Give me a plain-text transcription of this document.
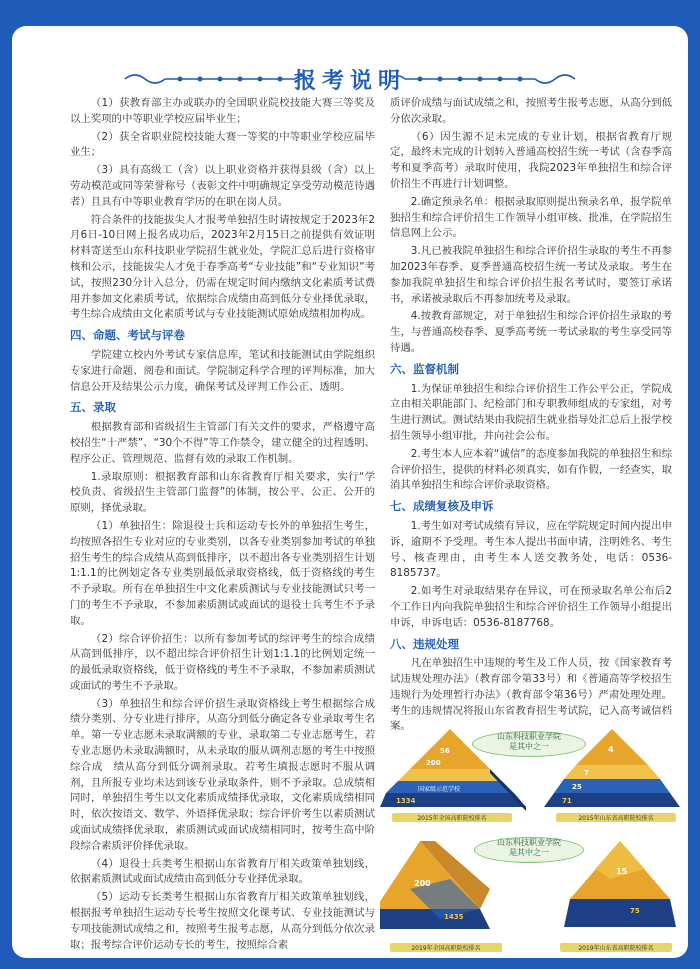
报考说明

（1）获教育部主办或联办的全国职业院校技能大赛三等奖及以上奖项的中等职业学校应届毕业生；

（2）获全省职业院校技能大赛一等奖的中等职业学校应届毕业生；

（3）具有高级工（含）以上职业资格并获得县级（含）以上劳动模范或同等荣誉称号（表彰文件中明确规定享受劳动模范待遇者）且具有中等职业教育学历的在职在岗人员。

符合条件的技能拔尖人才报考单独招生时请按规定于2023年2月6日-10日网上报名成功后，2023年2月15日之前提供有效证明材料寄送至山东科技职业学院招生就业处，学院汇总后进行资格审核和公示，技能拔尖人才免于春季高考“专业技能”和“专业知识”考试，按照230分计入总分，仍需在规定时间内缴纳文化素质考试费用并参加文化素质考试，依据综合成绩由高到低分专业择优录取，考生综合成绩由文化素质考试与专业技能测试原始成绩相加构成。

四、命题、考试与评卷

学院建立校内外考试专家信息库，笔试和技能测试由学院组织专家进行命题、阅卷和面试。学院制定科学合理的评判标准，加大信息公开及结果公示力度，确保考试及评判工作公正、透明。

五、录取

根据教育部和省级招生主管部门有关文件的要求，严格遵守高校招生“十严禁”、“30个不得”等工作禁令，建立健全的过程透明、程序公正、管理规范、监督有效的录取工作机制。

1.录取原则：根据教育部和山东省教育厅相关要求，实行“学校负责、省级招生主管部门监督”的体制，按公平、公正、公开的原则，择优录取。

（1）单独招生：除退役士兵和运动专长外的单独招生考生，均按照各招生专业对应的专业类别，以各专业类别参加考试的单独招生考生的综合成绩从高到低排序，以不超出各专业类别招生计划1:1.1的比例划定各专业类别最低录取资格线，低于资格线的考生不予录取。所有在单独招生中文化素质测试与专业技能测试只考一门的考生不予录取，不参加素质测试或面试的退役士兵考生不予录取。

（2）综合评价招生：以所有参加考试的综评考生的综合成绩从高到低排序，以不超出综合评价招生计划1:1.1的比例划定统一的最低录取资格线，低于资格线的考生不予录取，不参加素质测试或面试的考生不予录取。

（3）单独招生和综合评价招生录取资格线上考生根据综合成绩分类别、分专业进行排序，从高分到低分确定各专业录取考生名单。第一专业志愿未录取满额的专业，录取第二专业志愿考生，若专业志愿仍未录取满额时，从未录取的服从调剂志愿的考生中按照综合成　绩从高分到低分调剂录取。若考生填报志愿时不服从调剂，且所报专业均未达到该专业录取条件，则不予录取。总成绩相同时，单独招生考生以文化素质成绩择优录取，文化素质成绩相同时，依次按语文、数学、外语择优录取；综合评价考生以素质测试或面试成绩择优录取，素质测试或面试成绩相同时，按考生高中阶段综合素质评价择优录取。

（4）退役士兵类考生根据山东省教育厅相关政策单独划线，依据素质测试或面试成绩由高到低分专业择优录取。

（5）运动专长类考生根据山东省教育厅相关政策单独划线，根据报考单独招生运动专长考生按照文化课考试、专业技能测试与专项技能测试成绩之和，按照考生报考志愿，从高分到低分依次录取；报考综合评价运动专长的考生，按照综合素

质评价成绩与面试成绩之和，按照考生报考志愿，从高分到低分依次录取。

（6）因生源不足未完成的专业计划，根据省教育厅规定，最终未完成的计划转入普通高校招生统一考试（含春季高考和夏季高考）录取时使用，我院2023年单独招生和综合评价招生不再进行计划调整。

2.确定预录名单：根据录取原则提出预录名单，报学院单独招生和综合评价招生工作领导小组审核、批准，在学院招生信息网上公示。

3.凡已被我院单独招生和综合评价招生录取的考生不再参加2023年春季、夏季普通高校招生统一考试及录取。考生在参加我院单独招生和综合评价招生报名考试时，要签订承诺书，承诺被录取后不再参加统考及录取。

4.按教育部规定，对于单独招生和综合评价招生录取的考生，与普通高校春季、夏季高考统一考试录取的考生享受同等待遇。

六、监督机制

1.为保证单独招生和综合评价招生工作公平公正，学院成立由相关职能部门、纪检部门和专职教师组成的专家组，对考生进行测试。测试结果由我院招生就业指导处汇总后上报学校招生领导小组审批，并向社会公布。

2.考生本人应本着“诚信”的态度参加我院的单独招生和综合评价招生，提供的材料必须真实，如有作假，一经查实，取消其单独招生和综合评价录取资格。

七、成绩复核及申诉

1.考生如对考试成绩有异议，应在学院规定时间内提出申诉，逾期不予受理。考生本人提出书面申请，注明姓名、考生号、核查理由，由考生本人送交教务处，电话：0536-8185737。

2.如考生对录取结果存在异议，可在预录取名单公布后2个工作日内向我院单独招生和综合评价招生工作领导小组提出申诉，申诉电话：0536-8187768。

八、违规处理

凡在单独招生中违规的考生及工作人员，按《国家教育考试违规处理办法》（教育部令第33号）和《普通高等学校招生违规行为处理暂行办法》（教育部令第36号）严肃处理处理。考生的违规情况将报山东省教育招生考试院，记入高考诚信档案。

山东科技职业学院
是其中之一
山东科技职业学院
是其中之一
56
200
国家级示范学校
1334
2015年全国高职院校排名
4
7
25
71
2015年山东省高职院校排名
200
1435
2019年全国高职院校排名
15
75
2019年山东省高职院校排名
